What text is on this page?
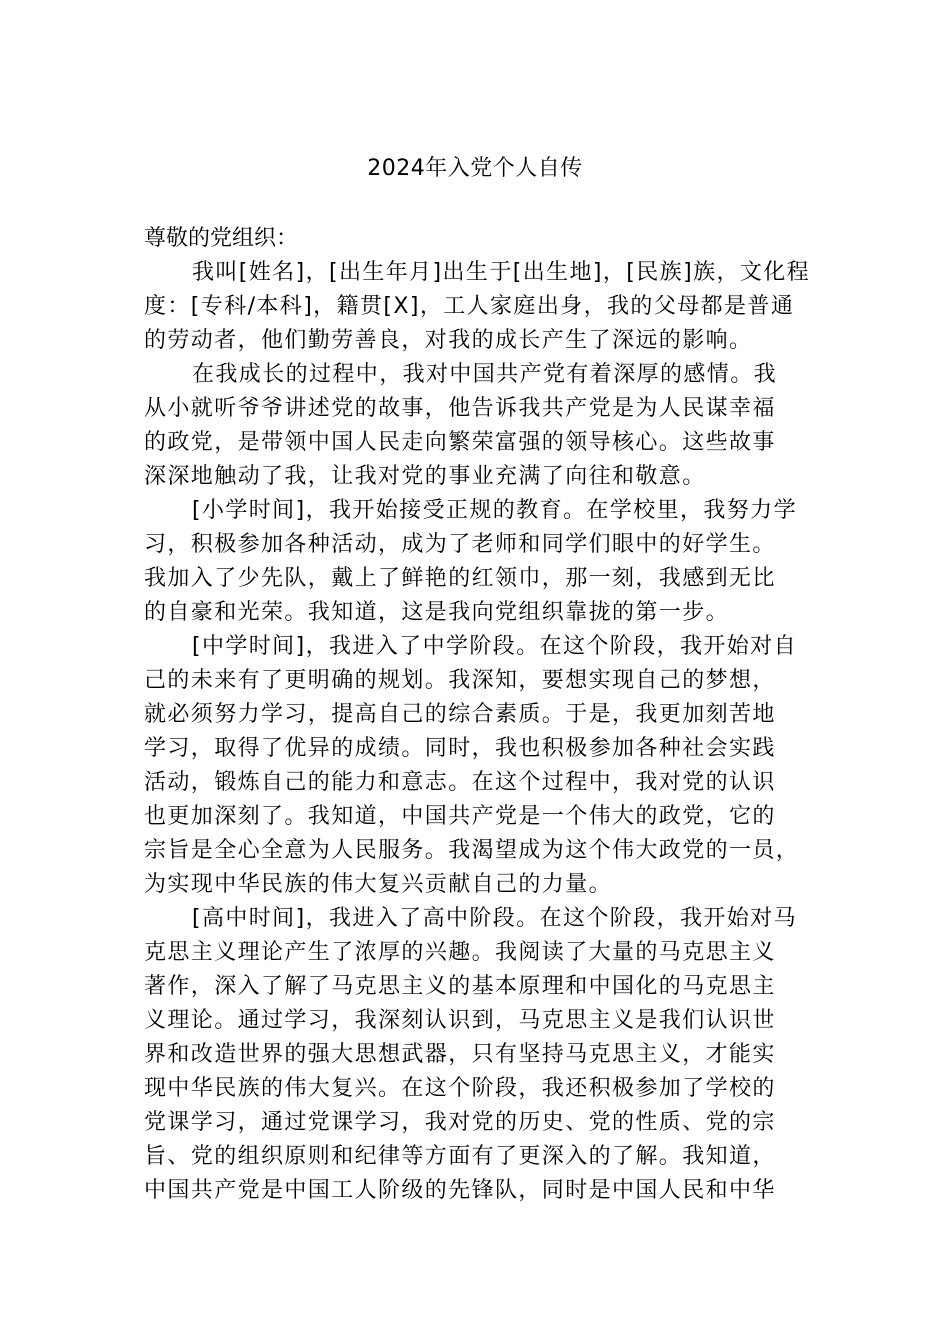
2024年入党个人自传

尊敬的党组织：

我叫[姓名]，[出生年月]出生于[出生地]，[民族]族，文化程
度：[专科/本科]，籍贯[X]，工人家庭出身，我的父母都是普通
的劳动者，他们勤劳善良，对我的成长产生了深远的影响。

在我成长的过程中，我对中国共产党有着深厚的感情。我
从小就听爷爷讲述党的故事，他告诉我共产党是为人民谋幸福
的政党，是带领中国人民走向繁荣富强的领导核心。这些故事
深深地触动了我，让我对党的事业充满了向往和敬意。

[小学时间]，我开始接受正规的教育。在学校里，我努力学
习，积极参加各种活动，成为了老师和同学们眼中的好学生。
我加入了少先队，戴上了鲜艳的红领巾，那一刻，我感到无比
的自豪和光荣。我知道，这是我向党组织靠拢的第一步。

[中学时间]，我进入了中学阶段。在这个阶段，我开始对自
己的未来有了更明确的规划。我深知，要想实现自己的梦想，
就必须努力学习，提高自己的综合素质。于是，我更加刻苦地
学习，取得了优异的成绩。同时，我也积极参加各种社会实践
活动，锻炼自己的能力和意志。在这个过程中，我对党的认识
也更加深刻了。我知道，中国共产党是一个伟大的政党，它的
宗旨是全心全意为人民服务。我渴望成为这个伟大政党的一员，
为实现中华民族的伟大复兴贡献自己的力量。

[高中时间]，我进入了高中阶段。在这个阶段，我开始对马
克思主义理论产生了浓厚的兴趣。我阅读了大量的马克思主义
著作，深入了解了马克思主义的基本原理和中国化的马克思主
义理论。通过学习，我深刻认识到，马克思主义是我们认识世
界和改造世界的强大思想武器，只有坚持马克思主义，才能实
现中华民族的伟大复兴。在这个阶段，我还积极参加了学校的
党课学习，通过党课学习，我对党的历史、党的性质、党的宗
旨、党的组织原则和纪律等方面有了更深入的了解。我知道，
中国共产党是中国工人阶级的先锋队，同时是中国人民和中华
